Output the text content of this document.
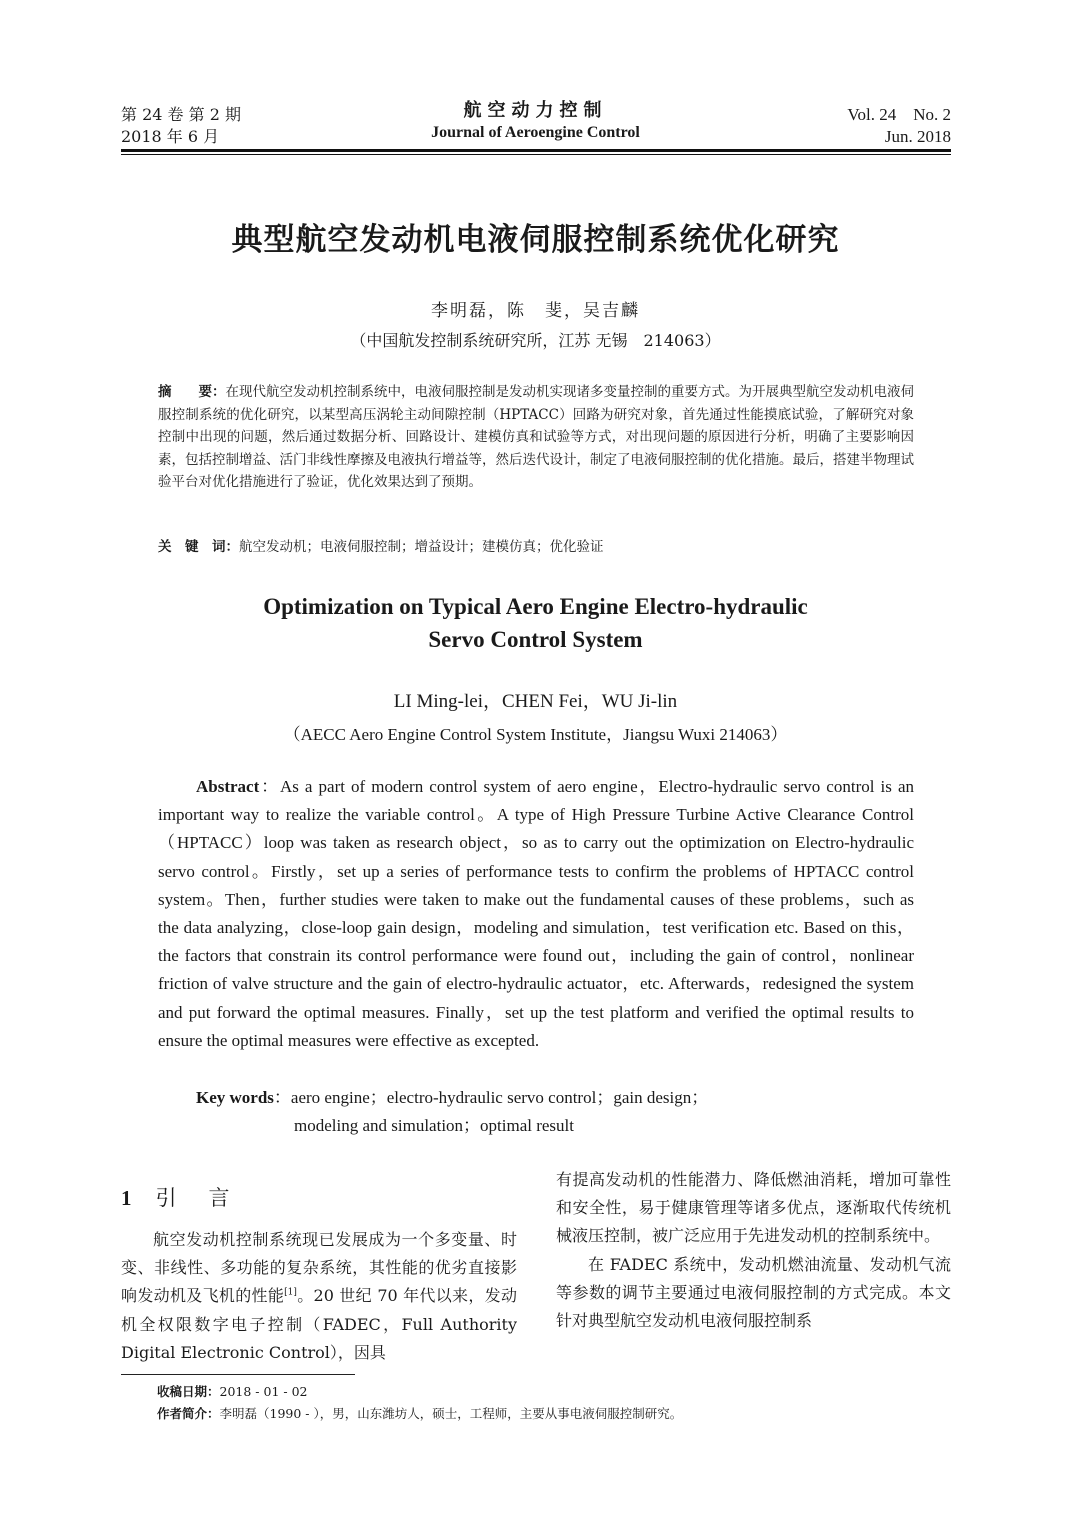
第 24 卷 第 2 期
2018 年 6 月
航空动力控制
Journal of Aeroengine Control
Vol. 24    No. 2
Jun. 2018
典型航空发动机电液伺服控制系统优化研究
李明磊，陈　斐，吴吉麟
（中国航发控制系统研究所，江苏 无锡　214063）
摘　　要：在现代航空发动机控制系统中，电液伺服控制是发动机实现诸多变量控制的重要方式。为开展典型航空发动机电液伺服控制系统的优化研究，以某型高压涡轮主动间隙控制（HPTACC）回路为研究对象，首先通过性能摸底试验，了解研究对象控制中出现的问题，然后通过数据分析、回路设计、建模仿真和试验等方式，对出现问题的原因进行分析，明确了主要影响因素，包括控制增益、活门非线性摩擦及电液执行增益等，然后迭代设计，制定了电液伺服控制的优化措施。最后，搭建半物理试验平台对优化措施进行了验证，优化效果达到了预期。
关　键　词：航空发动机；电液伺服控制；增益设计；建模仿真；优化验证
Optimization on Typical Aero Engine Electro-hydraulic
Servo Control System
LI Ming-lei，CHEN Fei，WU Ji-lin
（AECC Aero Engine Control System Institute，Jiangsu Wuxi 214063）
Abstract：As a part of modern control system of aero engine，Electro-hydraulic servo control is an important way to realize the variable control。A type of High Pressure Turbine Active Clearance Control（HPTACC）loop was taken as research object，so as to carry out the optimization on Electro-hydraulic servo control。Firstly，set up a series of performance tests to confirm the problems of HPTACC control system。Then，further studies were taken to make out the fundamental causes of these problems，such as the data analyzing，close-loop gain design，modeling and simulation，test verification etc. Based on this，the factors that constrain its control performance were found out，including the gain of control，nonlinear friction of valve structure and the gain of electro-hydraulic actuator，etc. Afterwards，redesigned the system and put forward the optimal measures. Finally，set up the test platform and verified the optimal results to ensure the optimal measures were effective as excepted.
Key words：aero engine；electro-hydraulic servo control；gain design；
modeling and simulation；optimal result
1 引 言
航空发动机控制系统现已发展成为一个多变量、时变、非线性、多功能的复杂系统，其性能的优劣直接影响发动机及飞机的性能[1]。20 世纪 70 年代以来，发动机全权限数字电子控制（FADEC，Full Authority Digital Electronic Control），因具
有提高发动机的性能潜力、降低燃油消耗，增加可靠性和安全性，易于健康管理等诸多优点，逐渐取代传统机械液压控制，被广泛应用于先进发动机的控制系统中。
在 FADEC 系统中，发动机燃油流量、发动机气流等参数的调节主要通过电液伺服控制的方式完成。本文针对典型航空发动机电液伺服控制系
收稿日期：2018 - 01 - 02
作者简介：李明磊（1990 - ），男，山东潍坊人，硕士，工程师，主要从事电液伺服控制研究。
